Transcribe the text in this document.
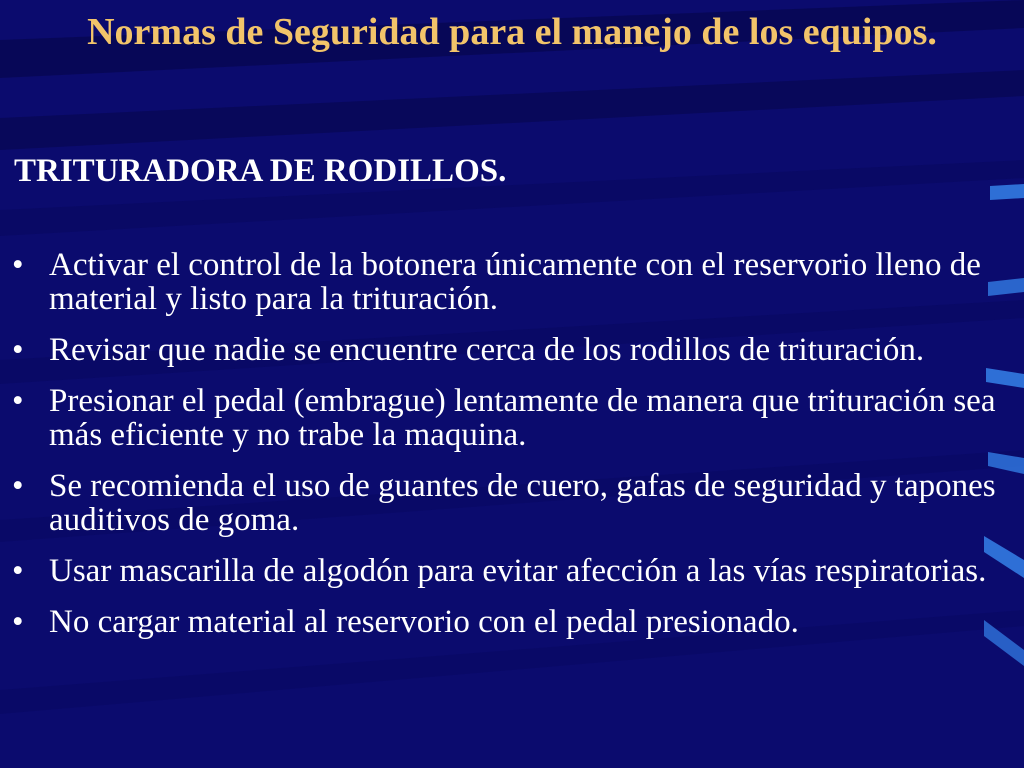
Normas de Seguridad para el manejo de los equipos.
TRITURADORA DE RODILLOS.
• Activar el control de la botonera únicamente con el reservorio lleno de material y listo para la trituración.
• Revisar que nadie se encuentre cerca de los rodillos de trituración.
• Presionar el pedal (embrague) lentamente de manera que trituración sea más eficiente y no trabe la maquina.
• Se recomienda el uso de guantes de cuero, gafas de seguridad y tapones auditivos de goma.
• Usar mascarilla de algodón para evitar afección a las vías respiratorias.
• No cargar material al reservorio con el pedal presionado.
